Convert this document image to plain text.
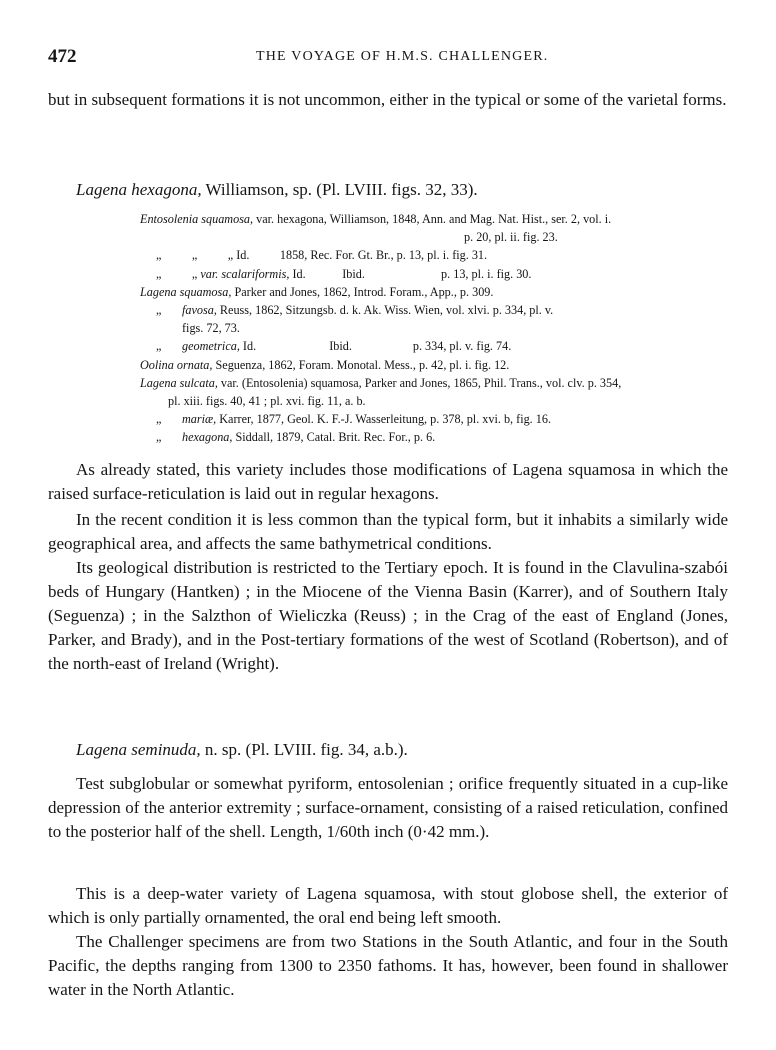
472	THE VOYAGE OF H.M.S. CHALLENGER.
but in subsequent formations it is not uncommon, either in the typical or some of the varietal forms.
Lagena hexagona, Williamson, sp. (Pl. LVIII. figs. 32, 33).
Entosolenia squamosa, var. hexagona, Williamson, 1848, Ann. and Mag. Nat. Hist., ser. 2, vol. i.
p. 20, pl. ii. fig. 23.
„          „          „ Id.          1858, Rec. For. Gt. Br., p. 13, pl. i. fig. 31.
„          „ var. scalariformis, Id.            Ibid.                         p. 13, pl. i. fig. 30.
Lagena squamosa, Parker and Jones, 1862, Introd. Foram., App., p. 309.
„ favosa, Reuss, 1862, Sitzungsb. d. k. Ak. Wiss. Wien, vol. xlvi. p. 334, pl. v.
figs. 72, 73.
„ geometrica, Id.                        Ibid.                    p. 334, pl. v. fig. 74.
Oolina ornata, Seguenza, 1862, Foram. Monotal. Mess., p. 42, pl. i. fig. 12.
Lagena sulcata, var. (Entosolenia) squamosa, Parker and Jones, 1865, Phil. Trans., vol. clv. p. 354,
pl. xiii. figs. 40, 41 ; pl. xvi. fig. 11, a. b.
„ mariæ, Karrer, 1877, Geol. K. F.-J. Wasserleitung, p. 378, pl. xvi. b, fig. 16.
„ hexagona, Siddall, 1879, Catal. Brit. Rec. For., p. 6.
As already stated, this variety includes those modifications of Lagena squamosa in which the raised surface-reticulation is laid out in regular hexagons.
In the recent condition it is less common than the typical form, but it inhabits a similarly wide geographical area, and affects the same bathymetrical conditions.
Its geological distribution is restricted to the Tertiary epoch. It is found in the Clavulina-szabói beds of Hungary (Hantken) ; in the Miocene of the Vienna Basin (Karrer), and of Southern Italy (Seguenza) ; in the Salzthon of Wieliczka (Reuss) ; in the Crag of the east of England (Jones, Parker, and Brady), and in the Post-tertiary formations of the west of Scotland (Robertson), and of the north-east of Ireland (Wright).
Lagena seminuda, n. sp. (Pl. LVIII. fig. 34, a.b.).
Test subglobular or somewhat pyriform, entosolenian ; orifice frequently situated in a cup-like depression of the anterior extremity ; surface-ornament, consisting of a raised reticulation, confined to the posterior half of the shell. Length, 1/60th inch (0·42 mm.).
This is a deep-water variety of Lagena squamosa, with stout globose shell, the exterior of which is only partially ornamented, the oral end being left smooth.
The Challenger specimens are from two Stations in the South Atlantic, and four in the South Pacific, the depths ranging from 1300 to 2350 fathoms. It has, however, been found in shallower water in the North Atlantic.
